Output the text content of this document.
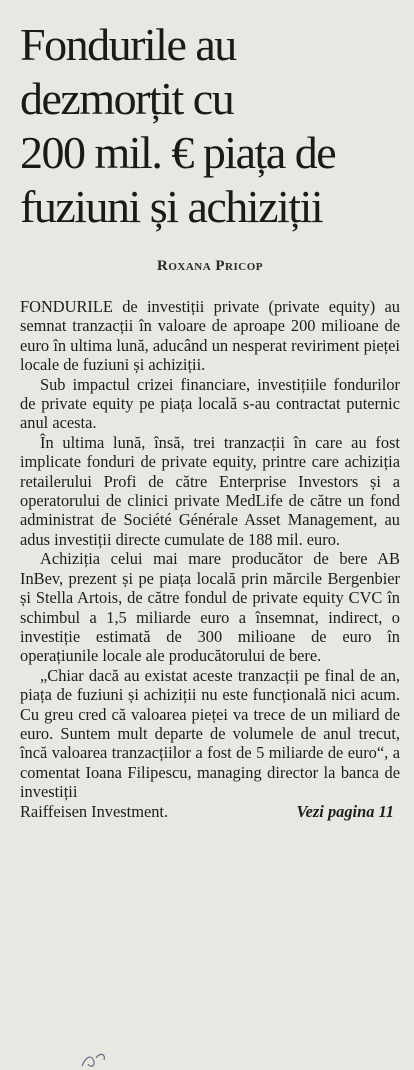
Fondurile au
dezmorțit cu
200 mil. € piața de
fuziuni și achiziții
Roxana Pricop

FONDURILE de investiții private (private equity) au semnat tranzacții în valoare de aproape 200 milioane de euro în ultima lună, aducând un nesperat reviriment pieței locale de fuziuni și achiziții.

Sub impactul crizei financiare, investițiile fondurilor de private equity pe piața locală s-au contractat puternic anul acesta.

În ultima lună, însă, trei tranzacții în care au fost implicate fonduri de private equity, printre care achiziția retailerului Profi de către Enterprise Investors și a operatorului de clinici private MedLife de către un fond administrat de Société Générale Asset Management, au adus investiții directe cumulate de 188 mil. euro.

Achiziția celui mai mare producător de bere AB InBev, prezent și pe piața locală prin mărcile Bergenbier și Stella Artois, de către fondul de private equity CVC în schimbul a 1,5 miliarde euro a însemnat, indirect, o investiție estimată de 300 milioane de euro în operațiunile locale ale producătorului de bere.

„Chiar dacă au existat aceste tranzacții pe final de an, piața de fuziuni și achiziții nu este funcțională nici acum. Cu greu cred că valoarea pieței va trece de un miliard de euro. Suntem mult departe de volumele de anul trecut, încă valoarea tranzacțiilor a fost de 5 miliarde de euro“, a comentat Ioana Filipescu, managing director la banca de investiții

Raiffeisen Investment.	Vezi pagina 11
